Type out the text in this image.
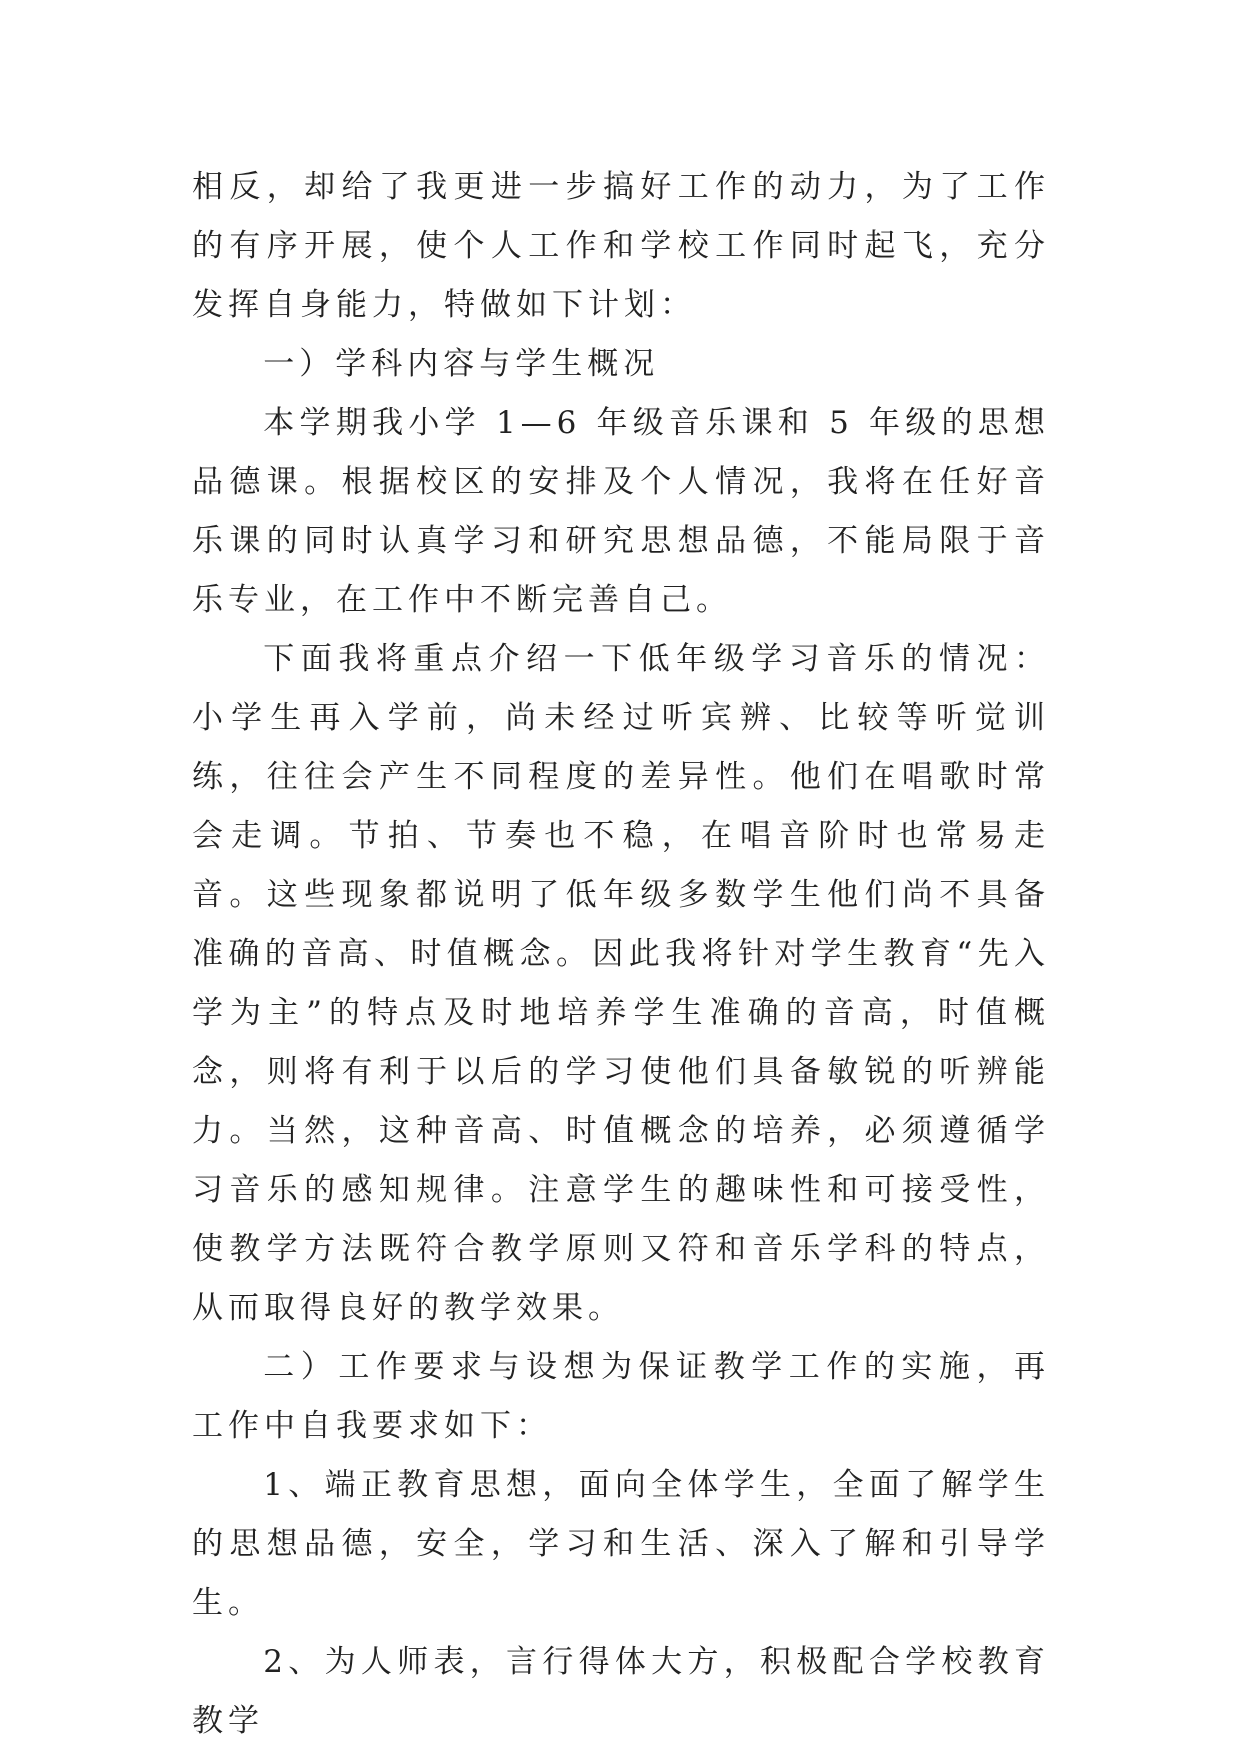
相反，却给了我更进一步搞好工作的动力，为了工作的有序开展，使个人工作和学校工作同时起飞，充分发挥自身能力，特做如下计划：

一）学科内容与学生概况

本学期我小学 1—6 年级音乐课和 5 年级的思想品德课。根据校区的安排及个人情况，我将在任好音乐课的同时认真学习和研究思想品德，不能局限于音乐专业，在工作中不断完善自己。

下面我将重点介绍一下低年级学习音乐的情况：小学生再入学前，尚未经过听宾辨、比较等听觉训练，往往会产生不同程度的差异性。他们在唱歌时常会走调。节拍、节奏也不稳，在唱音阶时也常易走音。这些现象都说明了低年级多数学生他们尚不具备准确的音高、时值概念。因此我将针对学生教育“先入学为主”的特点及时地培养学生准确的音高，时值概念，则将有利于以后的学习使他们具备敏锐的听辨能力。当然，这种音高、时值概念的培养，必须遵循学习音乐的感知规律。注意学生的趣味性和可接受性，使教学方法既符合教学原则又符和音乐学科的特点，从而取得良好的教学效果。

二）工作要求与设想为保证教学工作的实施，再工作中自我要求如下：

1、端正教育思想，面向全体学生，全面了解学生的思想品德，安全，学习和生活、深入了解和引导学生。

2、为人师表，言行得体大方，积极配合学校教育教学
